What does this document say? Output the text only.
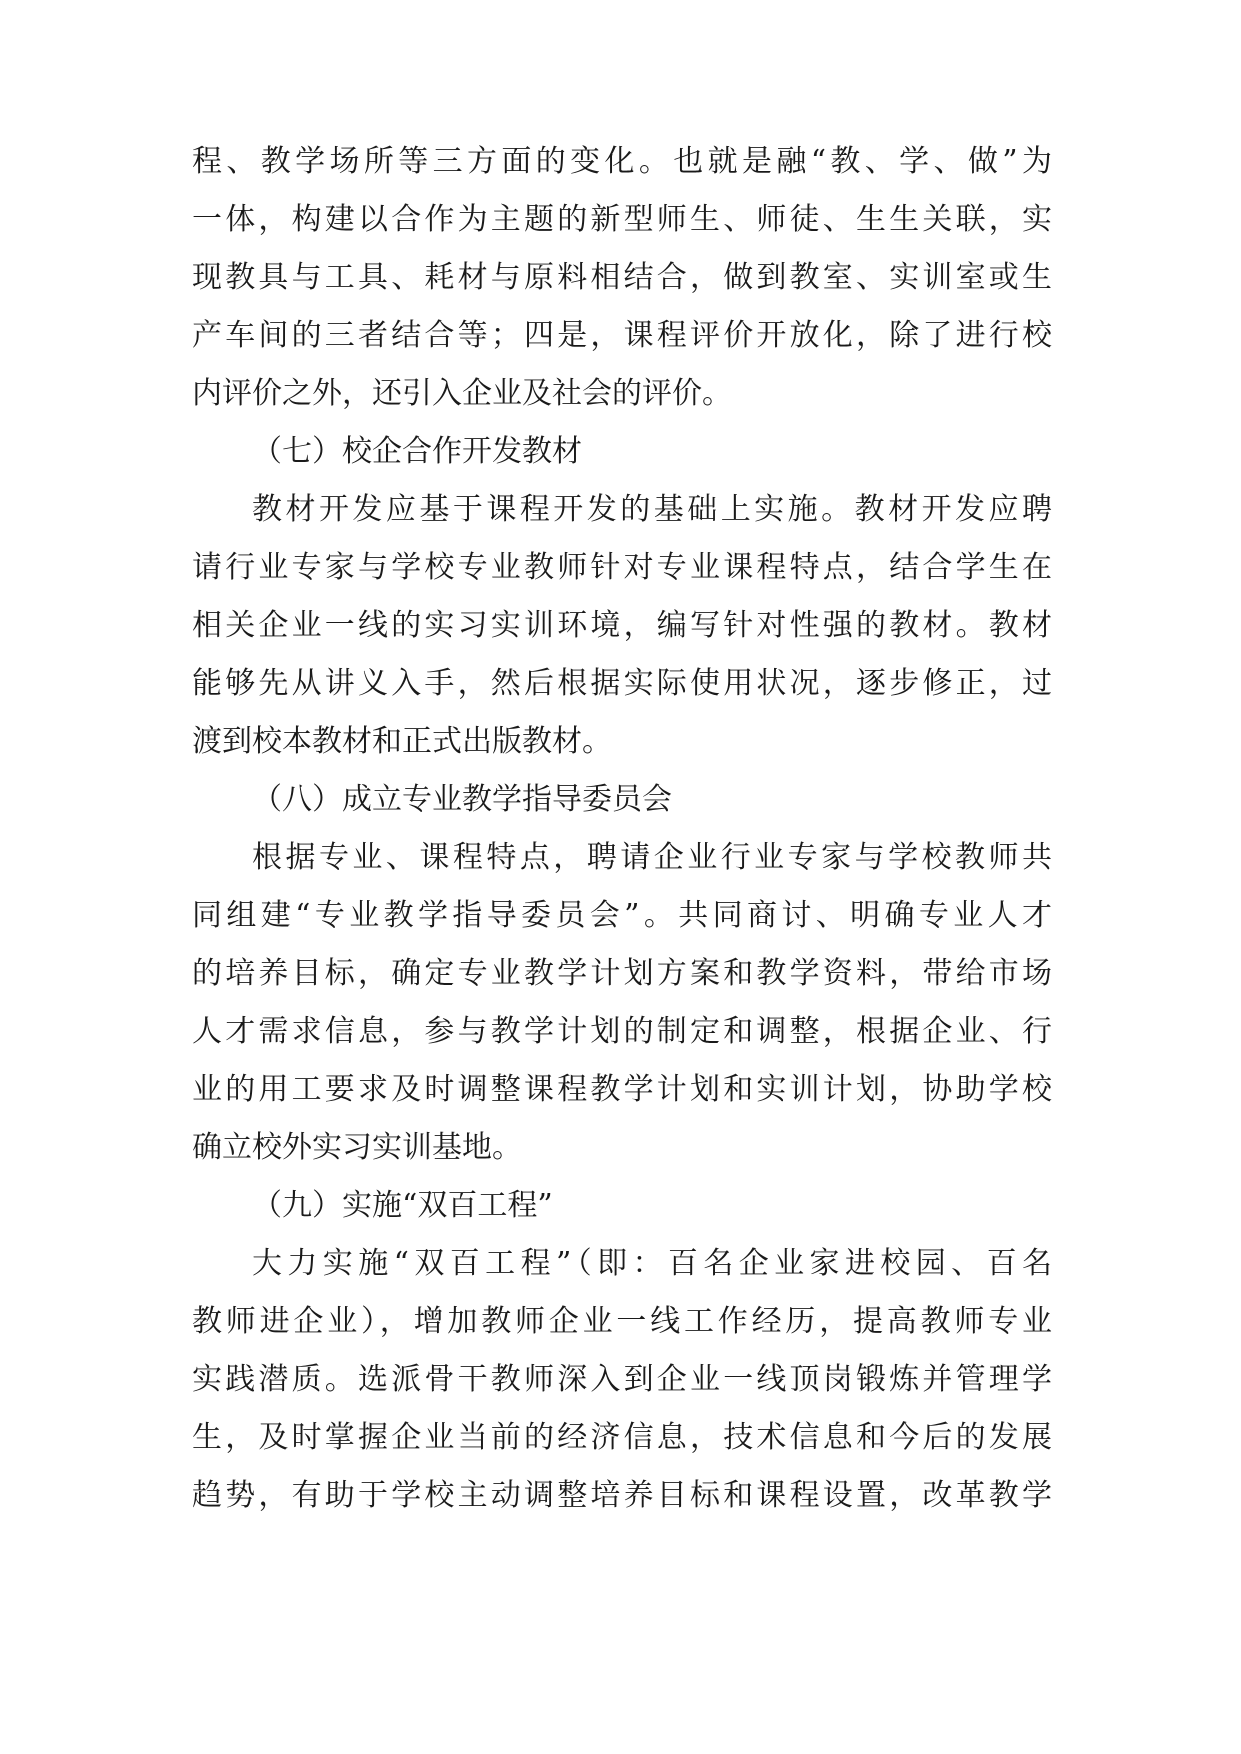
程、教学场所等三方面的变化。也就是融“教、学、做”为
一体，构建以合作为主题的新型师生、师徒、生生关联，实
现教具与工具、耗材与原料相结合，做到教室、实训室或生
产车间的三者结合等；四是，课程评价开放化，除了进行校
内评价之外，还引入企业及社会的评价。
（七）校企合作开发教材
教材开发应基于课程开发的基础上实施。教材开发应聘
请行业专家与学校专业教师针对专业课程特点，结合学生在
相关企业一线的实习实训环境，编写针对性强的教材。教材
能够先从讲义入手，然后根据实际使用状况，逐步修正，过
渡到校本教材和正式出版教材。
（八）成立专业教学指导委员会
根据专业、课程特点，聘请企业行业专家与学校教师共
同组建“专业教学指导委员会”。共同商讨、明确专业人才
的培养目标，确定专业教学计划方案和教学资料，带给市场
人才需求信息，参与教学计划的制定和调整，根据企业、行
业的用工要求及时调整课程教学计划和实训计划，协助学校
确立校外实习实训基地。
（九）实施“双百工程”
大力实施“双百工程”（即：百名企业家进校园、百名
教师进企业），增加教师企业一线工作经历，提高教师专业
实践潜质。选派骨干教师深入到企业一线顶岗锻炼并管理学
生，及时掌握企业当前的经济信息，技术信息和今后的发展
趋势，有助于学校主动调整培养目标和课程设置，改革教学
